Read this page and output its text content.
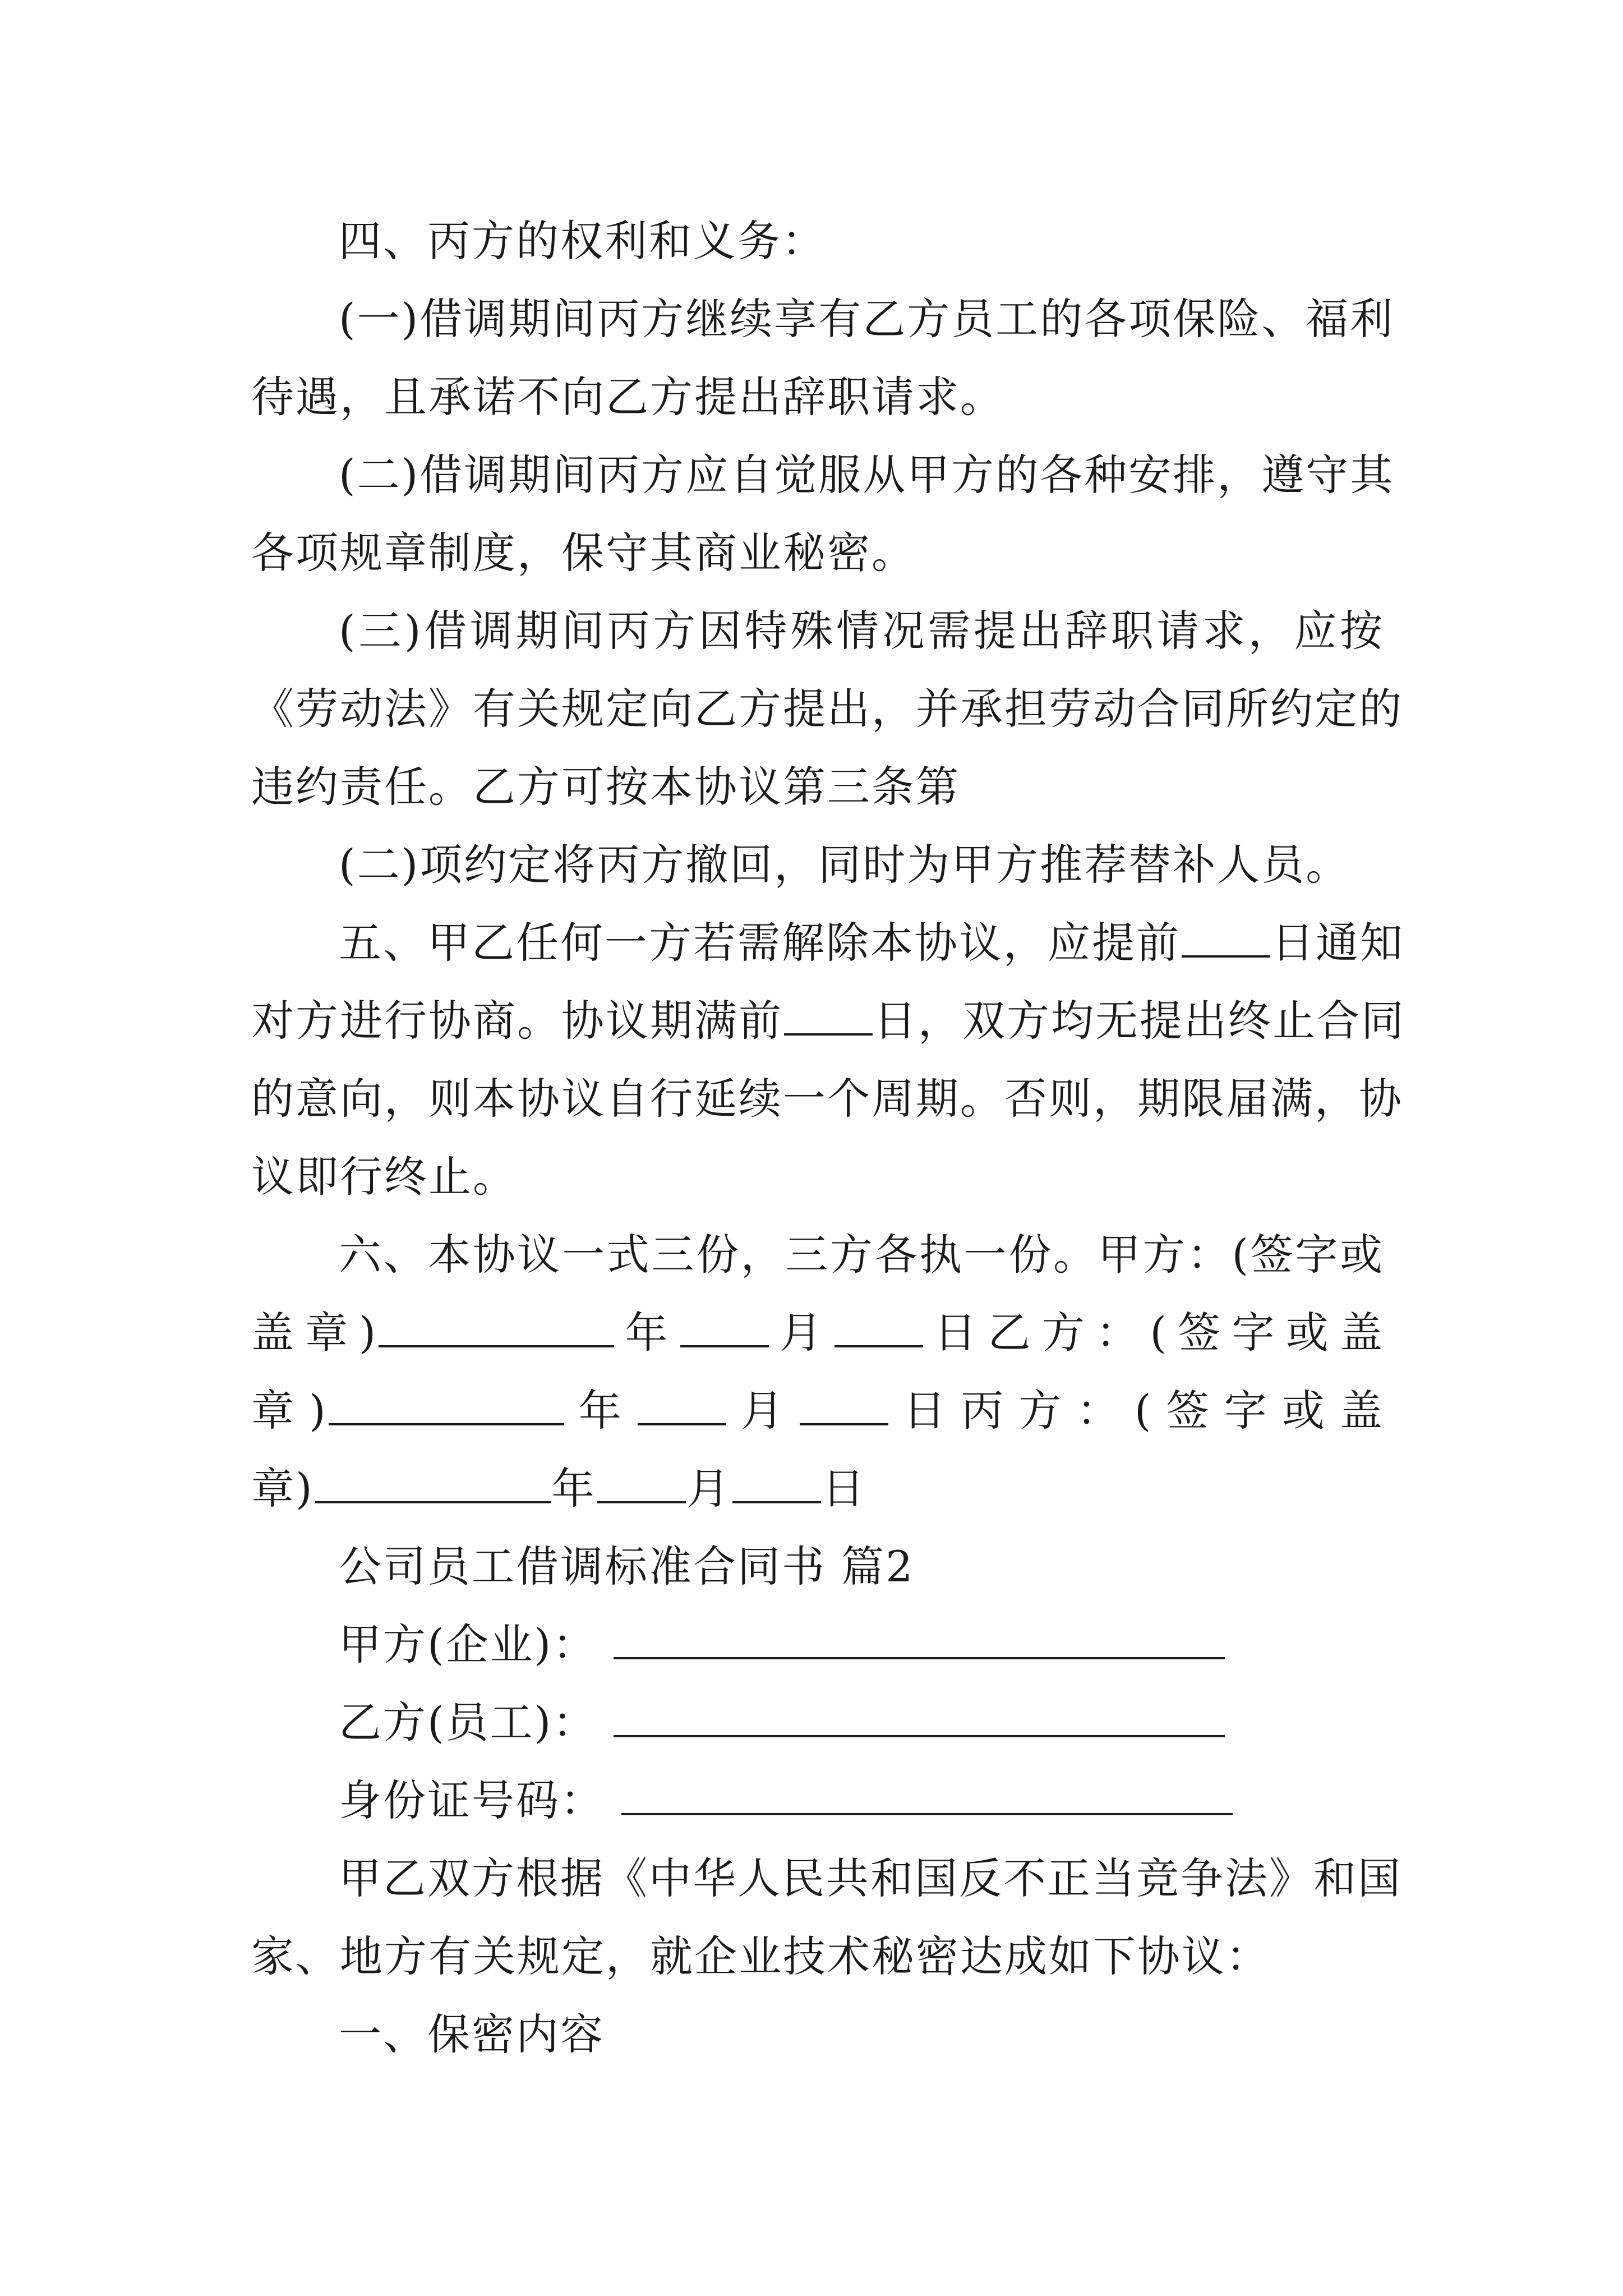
四、丙方的权利和义务：

(一)借调期间丙方继续享有乙方员工的各项保险、福利

待遇，且承诺不向乙方提出辞职请求。

(二)借调期间丙方应自觉服从甲方的各种安排，遵守其

各项规章制度，保守其商业秘密。

(三)借调期间丙方因特殊情况需提出辞职请求，应按

《劳动法》有关规定向乙方提出，并承担劳动合同所约定的

违约责任。乙方可按本协议第三条第

(二)项约定将丙方撤回，同时为甲方推荐替补人员。

五、甲乙任何一方若需解除本协议，应提前 日通知

对方进行协商。协议期满前 日，双方均无提出终止合同

的意向，则本协议自行延续一个周期。否则，期限届满，协

议即行终止。

六、本协议一式三份，三方各执一份。甲方：(签字或

盖章)	年 月 日乙方：(签字或盖

章)	年 月 日丙方：(签字或盖

章)	年 月 日

公司员工借调标准合同书 篇2

甲方(企业)：

乙方(员工)：

身份证号码：

甲乙双方根据《中华人民共和国反不正当竞争法》和国

家、地方有关规定，就企业技术秘密达成如下协议：

一、保密内容
